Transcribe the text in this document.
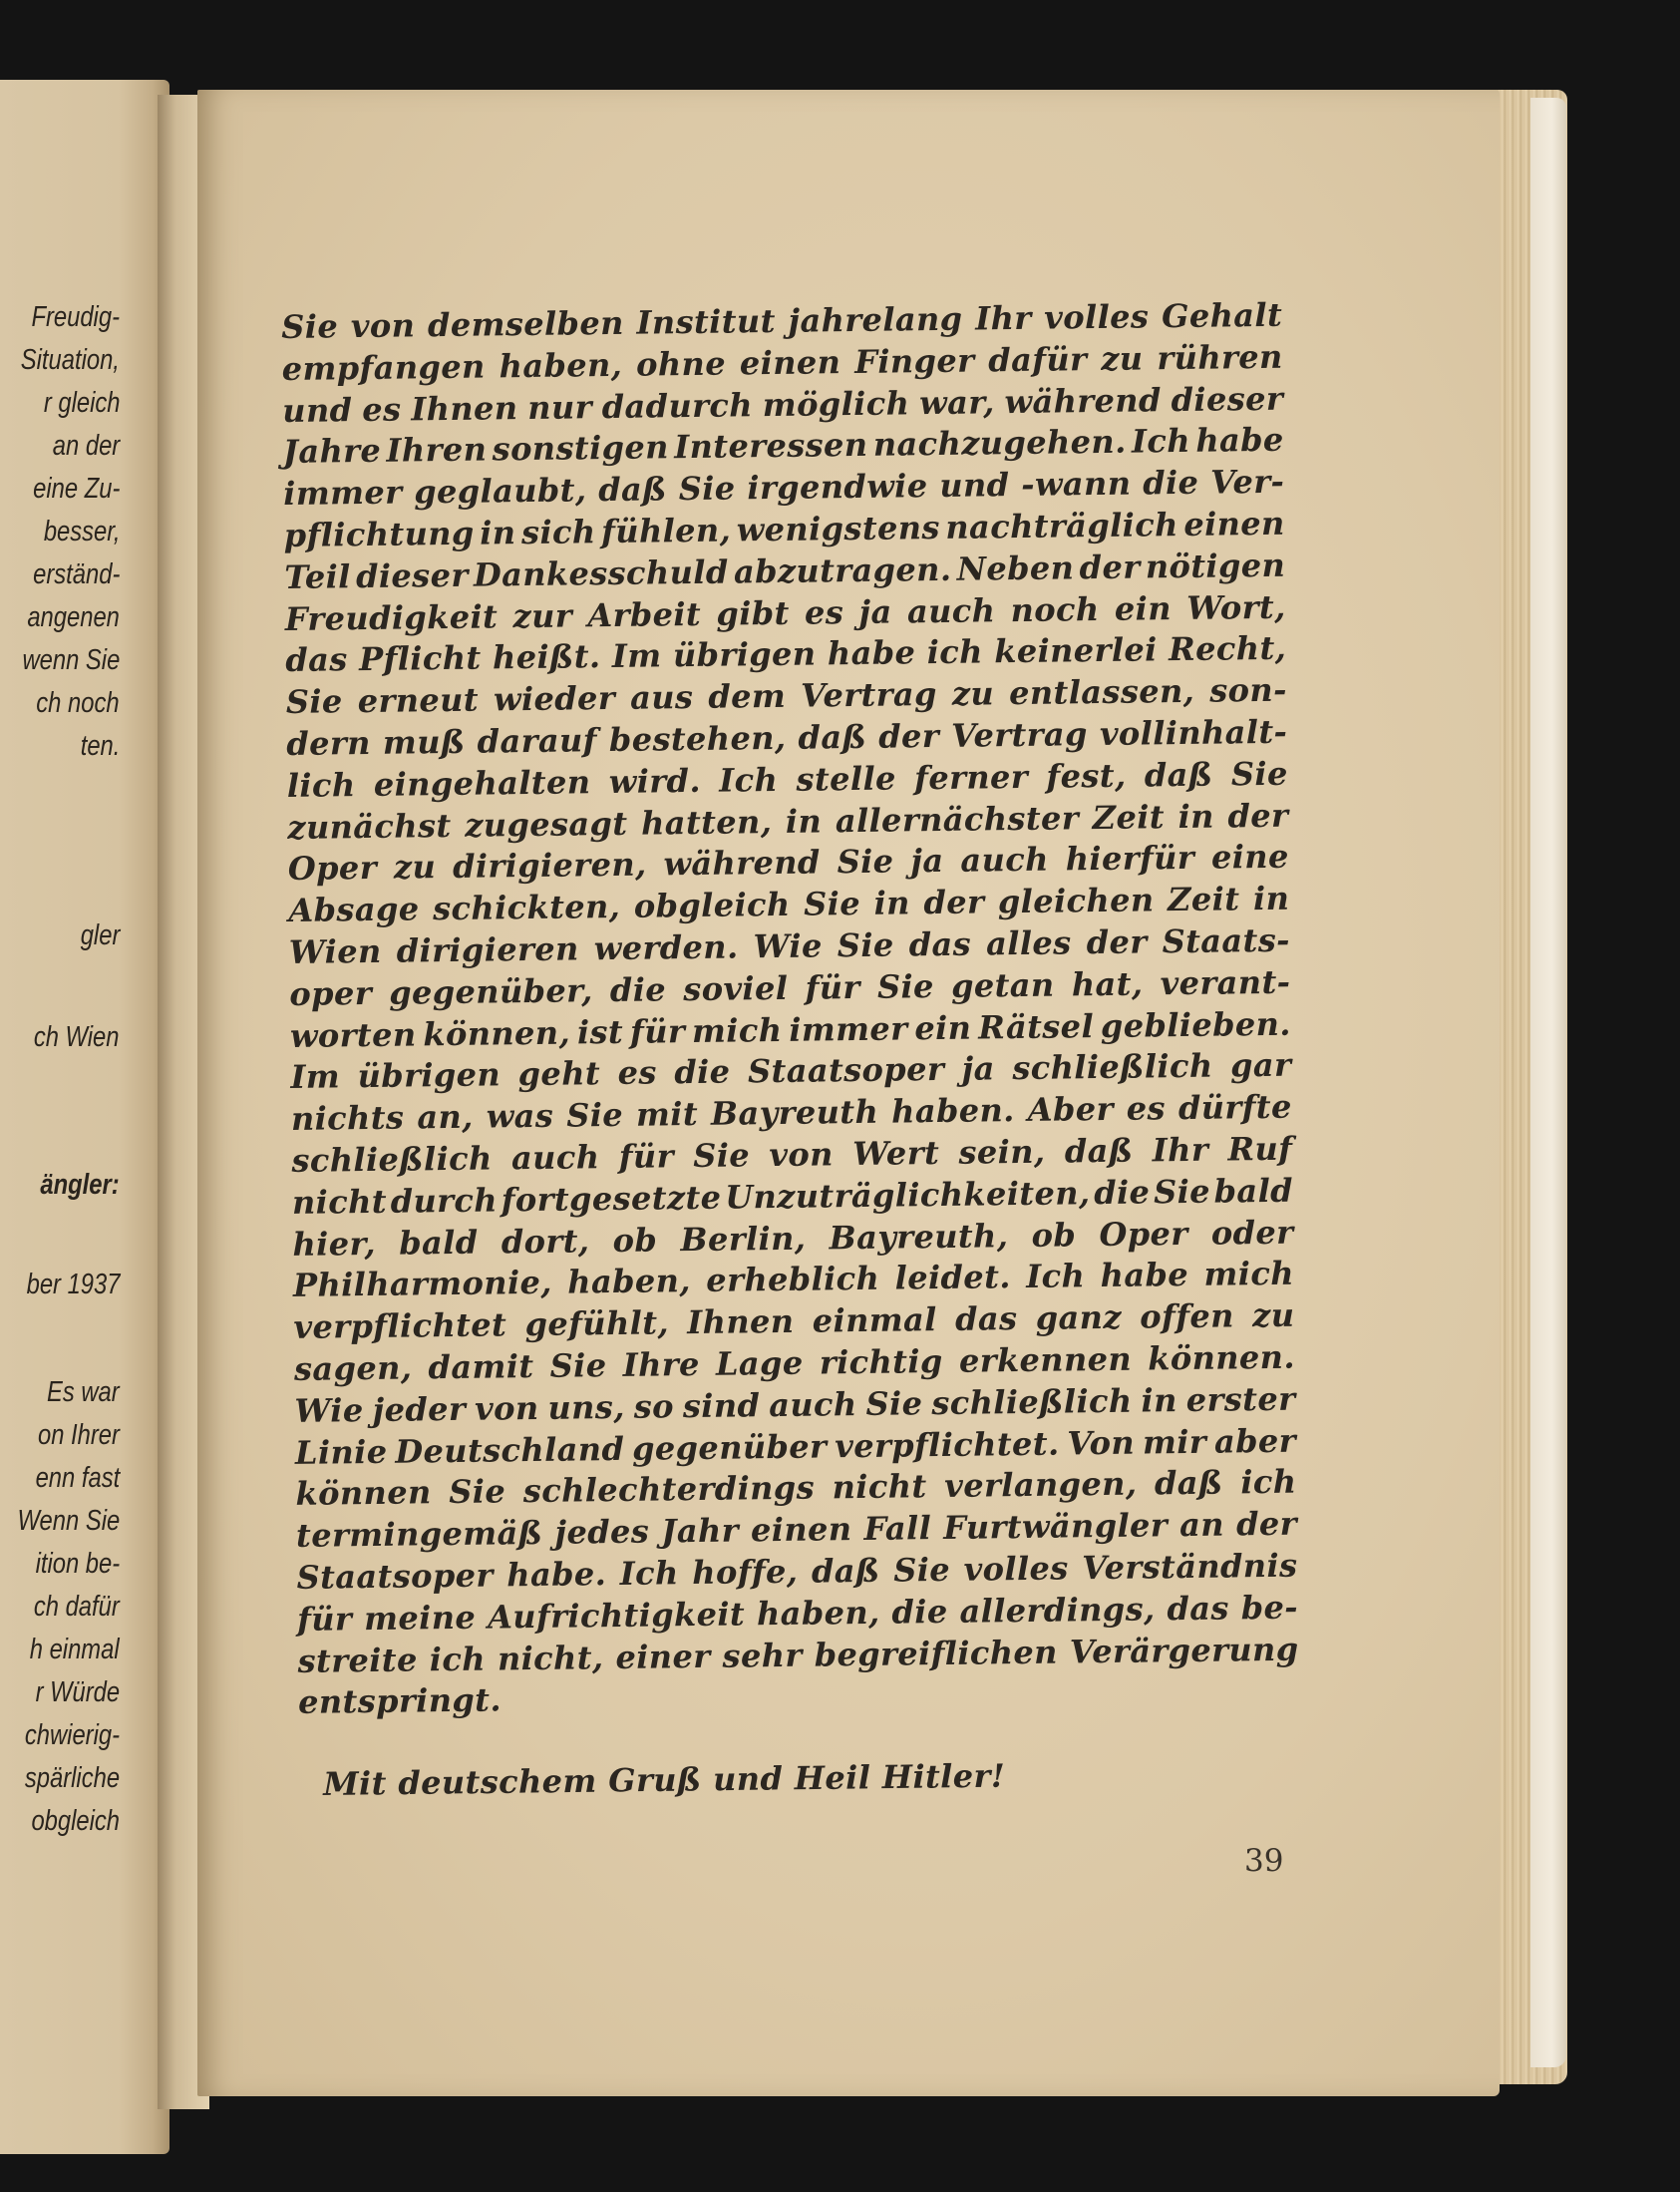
Freudig-
Situation,
r gleich
an der
eine Zu-
besser,
erständ-
angenen
wenn Sie
ch noch
ten.
gler
ch Wien
ängler:
ber 1937
Es war
on Ihrer
enn fast
Wenn Sie
ition be-
ch dafür
h einmal
r Würde
chwierig-
spärliche
obgleich
Sie von demselben Institut jahrelang Ihr volles Gehalt
empfangen haben, ohne einen Finger dafür zu rühren
und es Ihnen nur dadurch möglich war, während dieser
Jahre Ihren sonstigen Interessen nachzugehen. Ich habe
immer geglaubt, daß Sie irgendwie und -wann die Ver-
pflichtung in sich fühlen, wenigstens nachträglich einen
Teil dieser Dankesschuld abzutragen. Neben der nötigen
Freudigkeit zur Arbeit gibt es ja auch noch ein Wort,
das Pflicht heißt. Im übrigen habe ich keinerlei Recht,
Sie erneut wieder aus dem Vertrag zu entlassen, son-
dern muß darauf bestehen, daß der Vertrag vollinhalt-
lich eingehalten wird. Ich stelle ferner fest, daß Sie
zunächst zugesagt hatten, in allernächster Zeit in der
Oper zu dirigieren, während Sie ja auch hierfür eine
Absage schickten, obgleich Sie in der gleichen Zeit in
Wien dirigieren werden. Wie Sie das alles der Staats-
oper gegenüber, die soviel für Sie getan hat, verant-
worten können, ist für mich immer ein Rätsel geblieben.
Im übrigen geht es die Staatsoper ja schließlich gar
nichts an, was Sie mit Bayreuth haben. Aber es dürfte
schließlich auch für Sie von Wert sein, daß Ihr Ruf
nicht durch fortgesetzte Unzuträglichkeiten, die Sie bald
hier, bald dort, ob Berlin, Bayreuth, ob Oper oder
Philharmonie, haben, erheblich leidet. Ich habe mich
verpflichtet gefühlt, Ihnen einmal das ganz offen zu
sagen, damit Sie Ihre Lage richtig erkennen können.
Wie jeder von uns, so sind auch Sie schließlich in erster
Linie Deutschland gegenüber verpflichtet. Von mir aber
können Sie schlechterdings nicht verlangen, daß ich
termingemäß jedes Jahr einen Fall Furtwängler an der
Staatsoper habe. Ich hoffe, daß Sie volles Verständnis
für meine Aufrichtigkeit haben, die allerdings, das be-
streite ich nicht, einer sehr begreiflichen Verärgerung
entspringt.
Mit deutschem Gruß und Heil Hitler!
39
